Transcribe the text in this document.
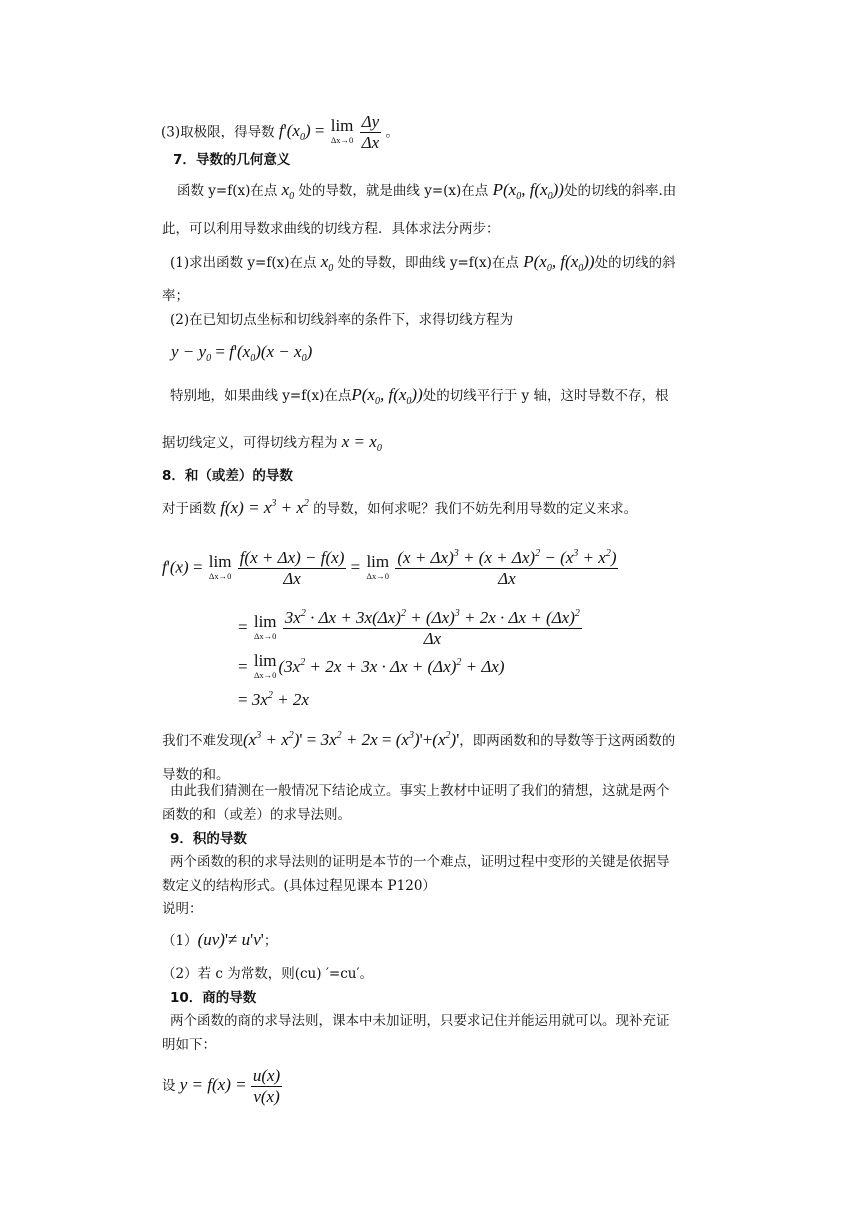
(3)取极限，得导数 $f'(x_0) = \lim$
Δx→0
$\frac{\Delta y}{\Delta x}$ 。
7．导数的几何意义
函数 y=f(x)在点 $x_0$ 处的导数，就是曲线 y=(x)在点 $P(x_0$, $f(x_0)$)处的切线的斜率.由
此，可以利用导数求曲线的切线方程．具体求法分两步：
(1)求出函数 y=f(x)在点 $x_0$ 处的导数，即曲线 y=f(x)在点 $P(x_0$, $f(x_0)$)处的切线的斜
率；
(2)在已知切点坐标和切线斜率的条件下，求得切线方程为
$y - y_0 = f'(x_0)(x - x_0)$
特别地，如果曲线 y=f(x)在点$P(x_0$, $f(x_0)$)处的切线平行于 y 轴，这时导数不存，根
据切线定义，可得切线方程为 $x = x_0$
8．和（或差）的导数
对于函数 $f(x) = x^3 + x^2$ 的导数，如何求呢？我们不妨先利用导数的定义来求。
f'(x) = lim
Δx→0
$\frac{f(x + \Delta x) - f(x)}{\Delta x} = \lim$
Δx→0
$\frac{(x + \Delta x)^3 + (x + \Delta x)^2 - (x^3 + x^2)}{\Delta x}$
= lim
Δx→0
$\frac{3x^2 \cdot \Delta x + 3x(\Delta x)^2 + (\Delta x)^3 + 2x \cdot \Delta x + (\Delta x)^2}{\Delta x}$
= lim
Δx→0 $(3x^2 + 2x + 3x \cdot \Delta x + (\Delta x)^2 + \Delta x)$
= $3x^2 + 2x$
我们不难发现$(x^3 + x^2)' = 3x^2 + 2x = (x^3)'+(x^2)'$，即两函数和的导数等于这两函数的
导数的和。
由此我们猜测在一般情况下结论成立。事实上教材中证明了我们的猜想，这就是两个
函数的和（或差）的求导法则。
9．积的导数
两个函数的积的求导法则的证明是本节的一个难点，证明过程中变形的关键是依据导
数定义的结构形式。(具体过程见课本 P120）
说明：
（1）(uv)'≠ u'v'；
（2）若 c 为常数，则(cu) ′=cu′。
10．商的导数
两个函数的商的求导法则，课本中未加证明，只要求记住并能运用就可以。现补充证
明如下：
设 $y = f(x) = \frac{u(x)}{v(x)}$
